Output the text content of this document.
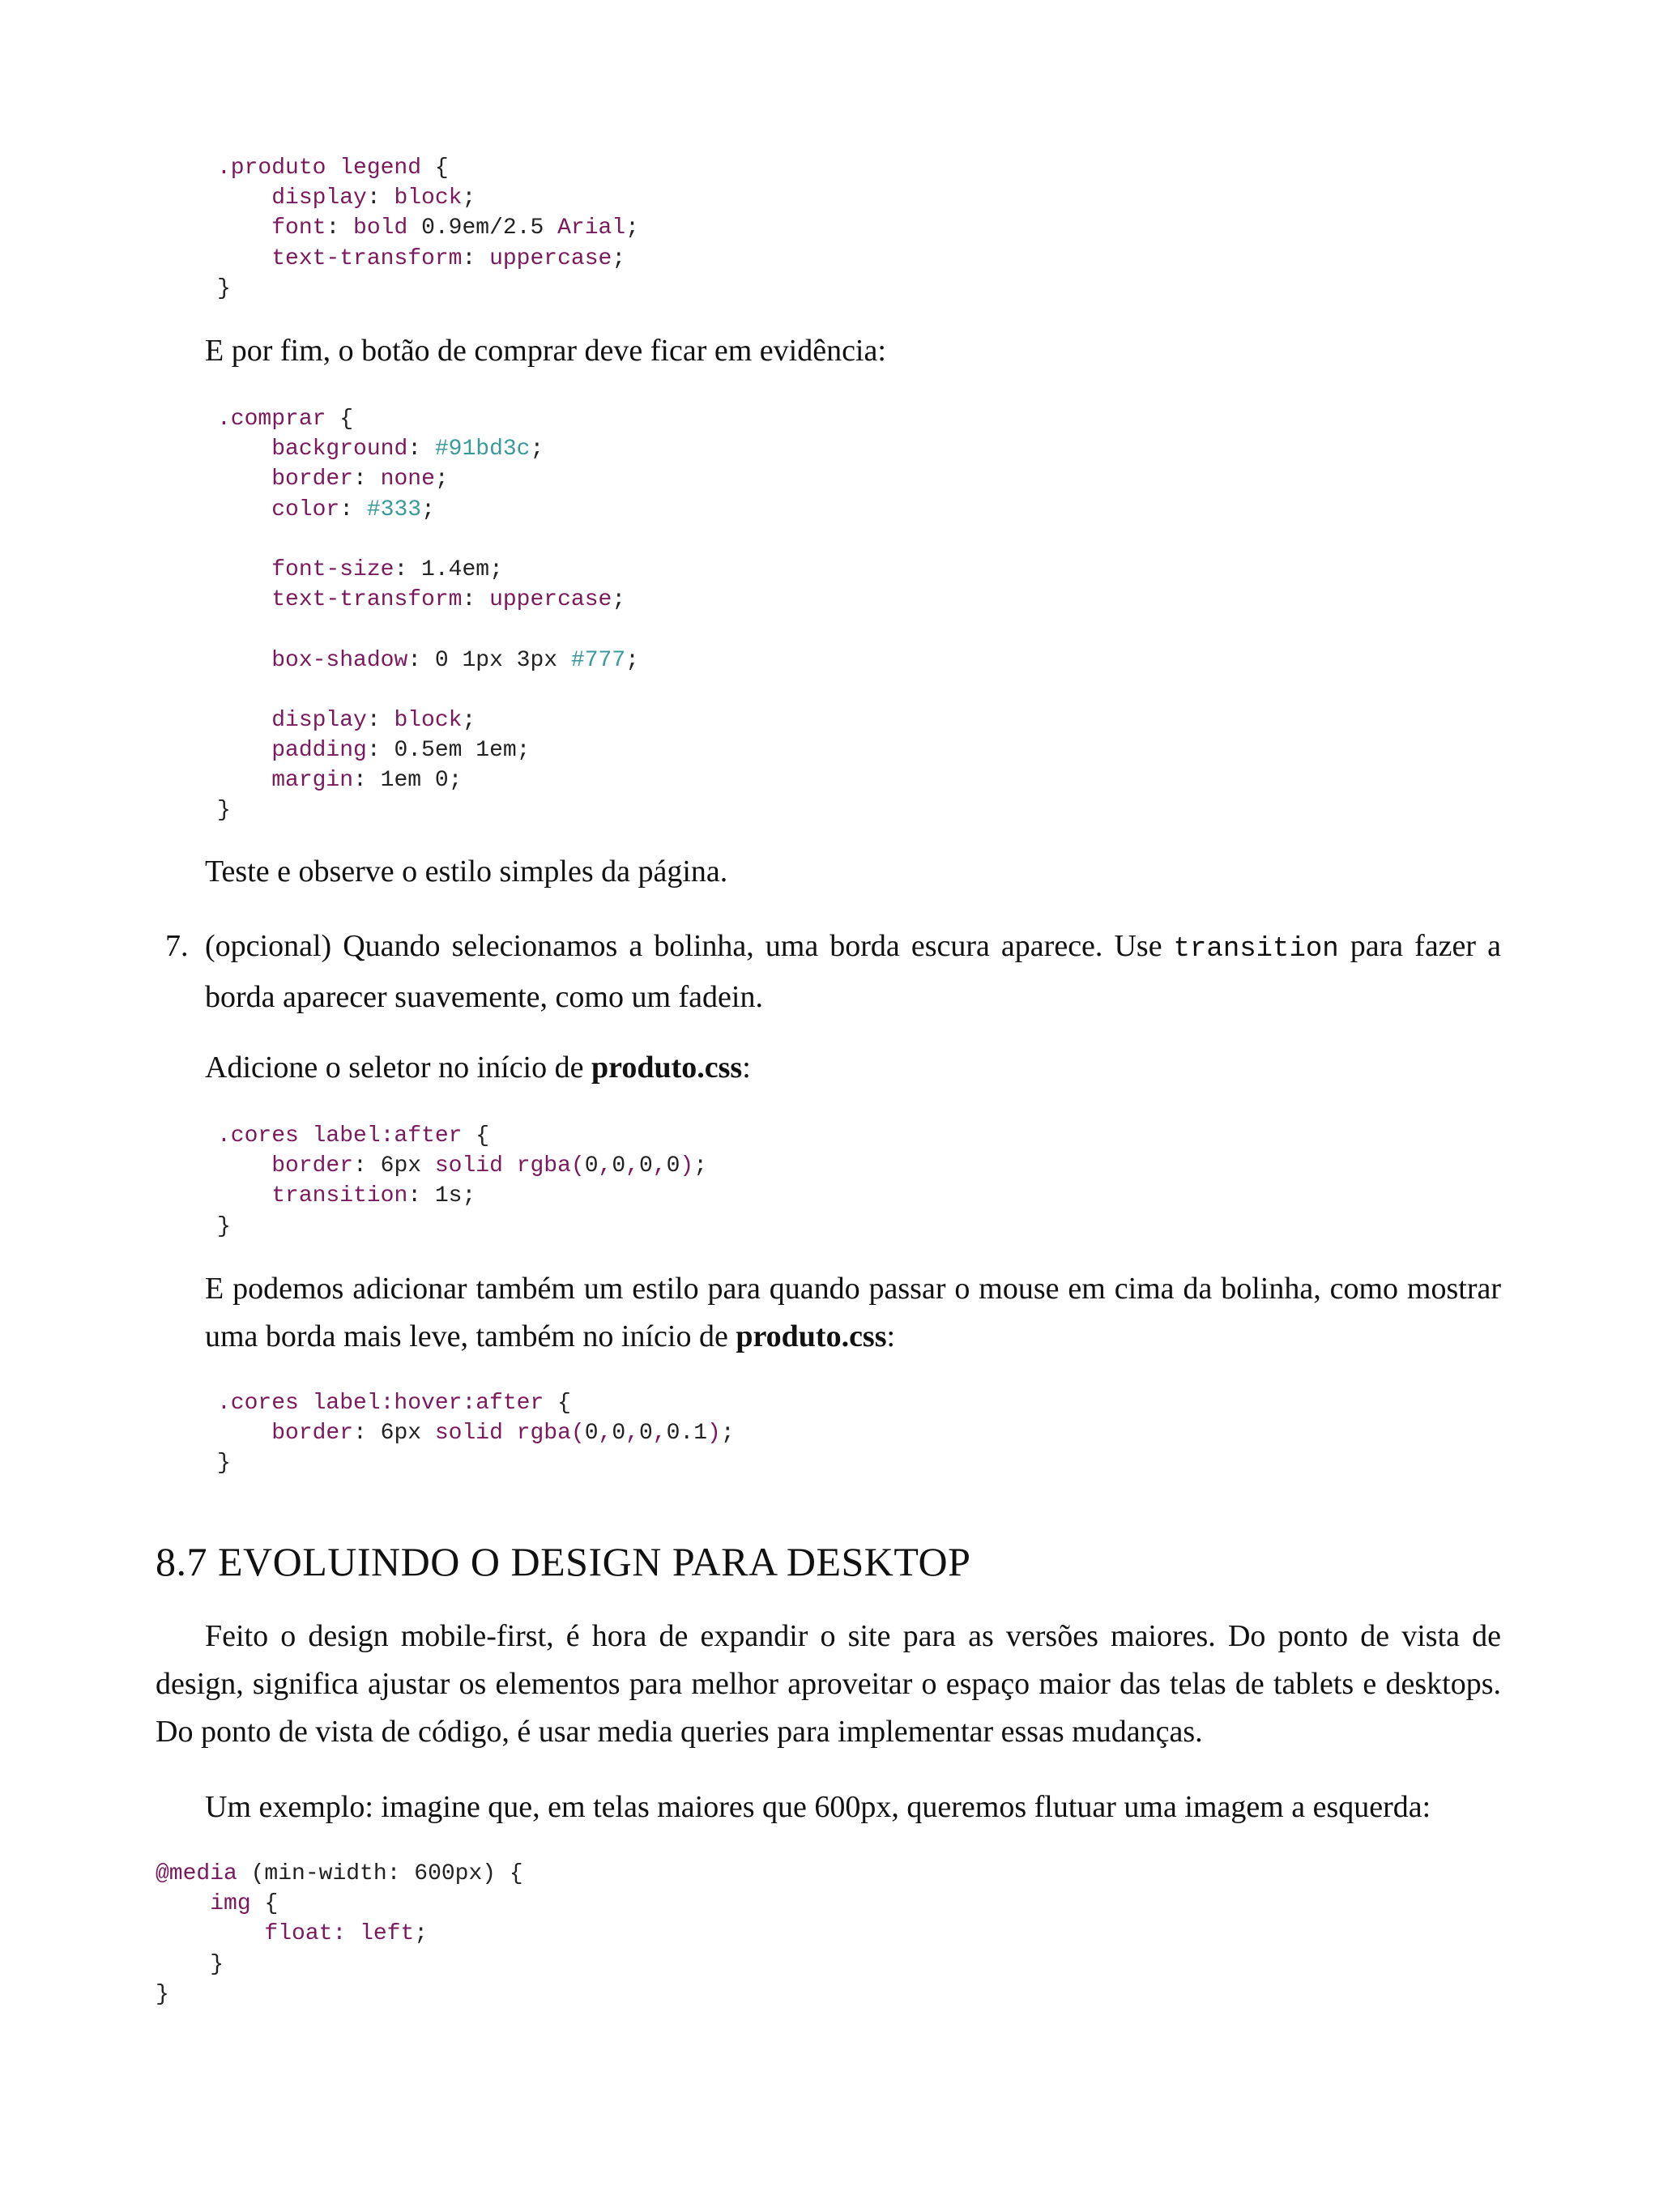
.produto legend {
display: block;
font: bold 0.9em/2.5 Arial;
text-transform: uppercase;
}

E por fim, o botão de comprar deve ficar em evidência:

.comprar {
background: #91bd3c;
border: none;
color: #333;
font-size: 1.4em;
text-transform: uppercase;
box-shadow: 0 1px 3px #777;
display: block;
padding: 0.5em 1em;
margin: 1em 0;
}

Teste e observe o estilo simples da página.

7. (opcional) Quando selecionamos a bolinha, uma borda escura aparece. Use transition para fazer a borda aparecer suavemente, como um fadein.

Adicione o seletor no início de produto.css:

.cores label:after {
border: 6px solid rgba(0,0,0,0);
transition: 1s;
}

E podemos adicionar também um estilo para quando passar o mouse em cima da bolinha, como mostrar uma borda mais leve, também no início de produto.css:

.cores label:hover:after {
border: 6px solid rgba(0,0,0,0.1);
}
8.7 EVOLUINDO O DESIGN PARA DESKTOP

Feito o design mobile-first, é hora de expandir o site para as versões maiores. Do ponto de vista de design, significa ajustar os elementos para melhor aproveitar o espaço maior das telas de tablets e desktops. Do ponto de vista de código, é usar media queries para implementar essas mudanças.

Um exemplo: imagine que, em telas maiores que 600px, queremos flutuar uma imagem a esquerda:

@media (min-width: 600px) {
img {
float: left;
}
}
